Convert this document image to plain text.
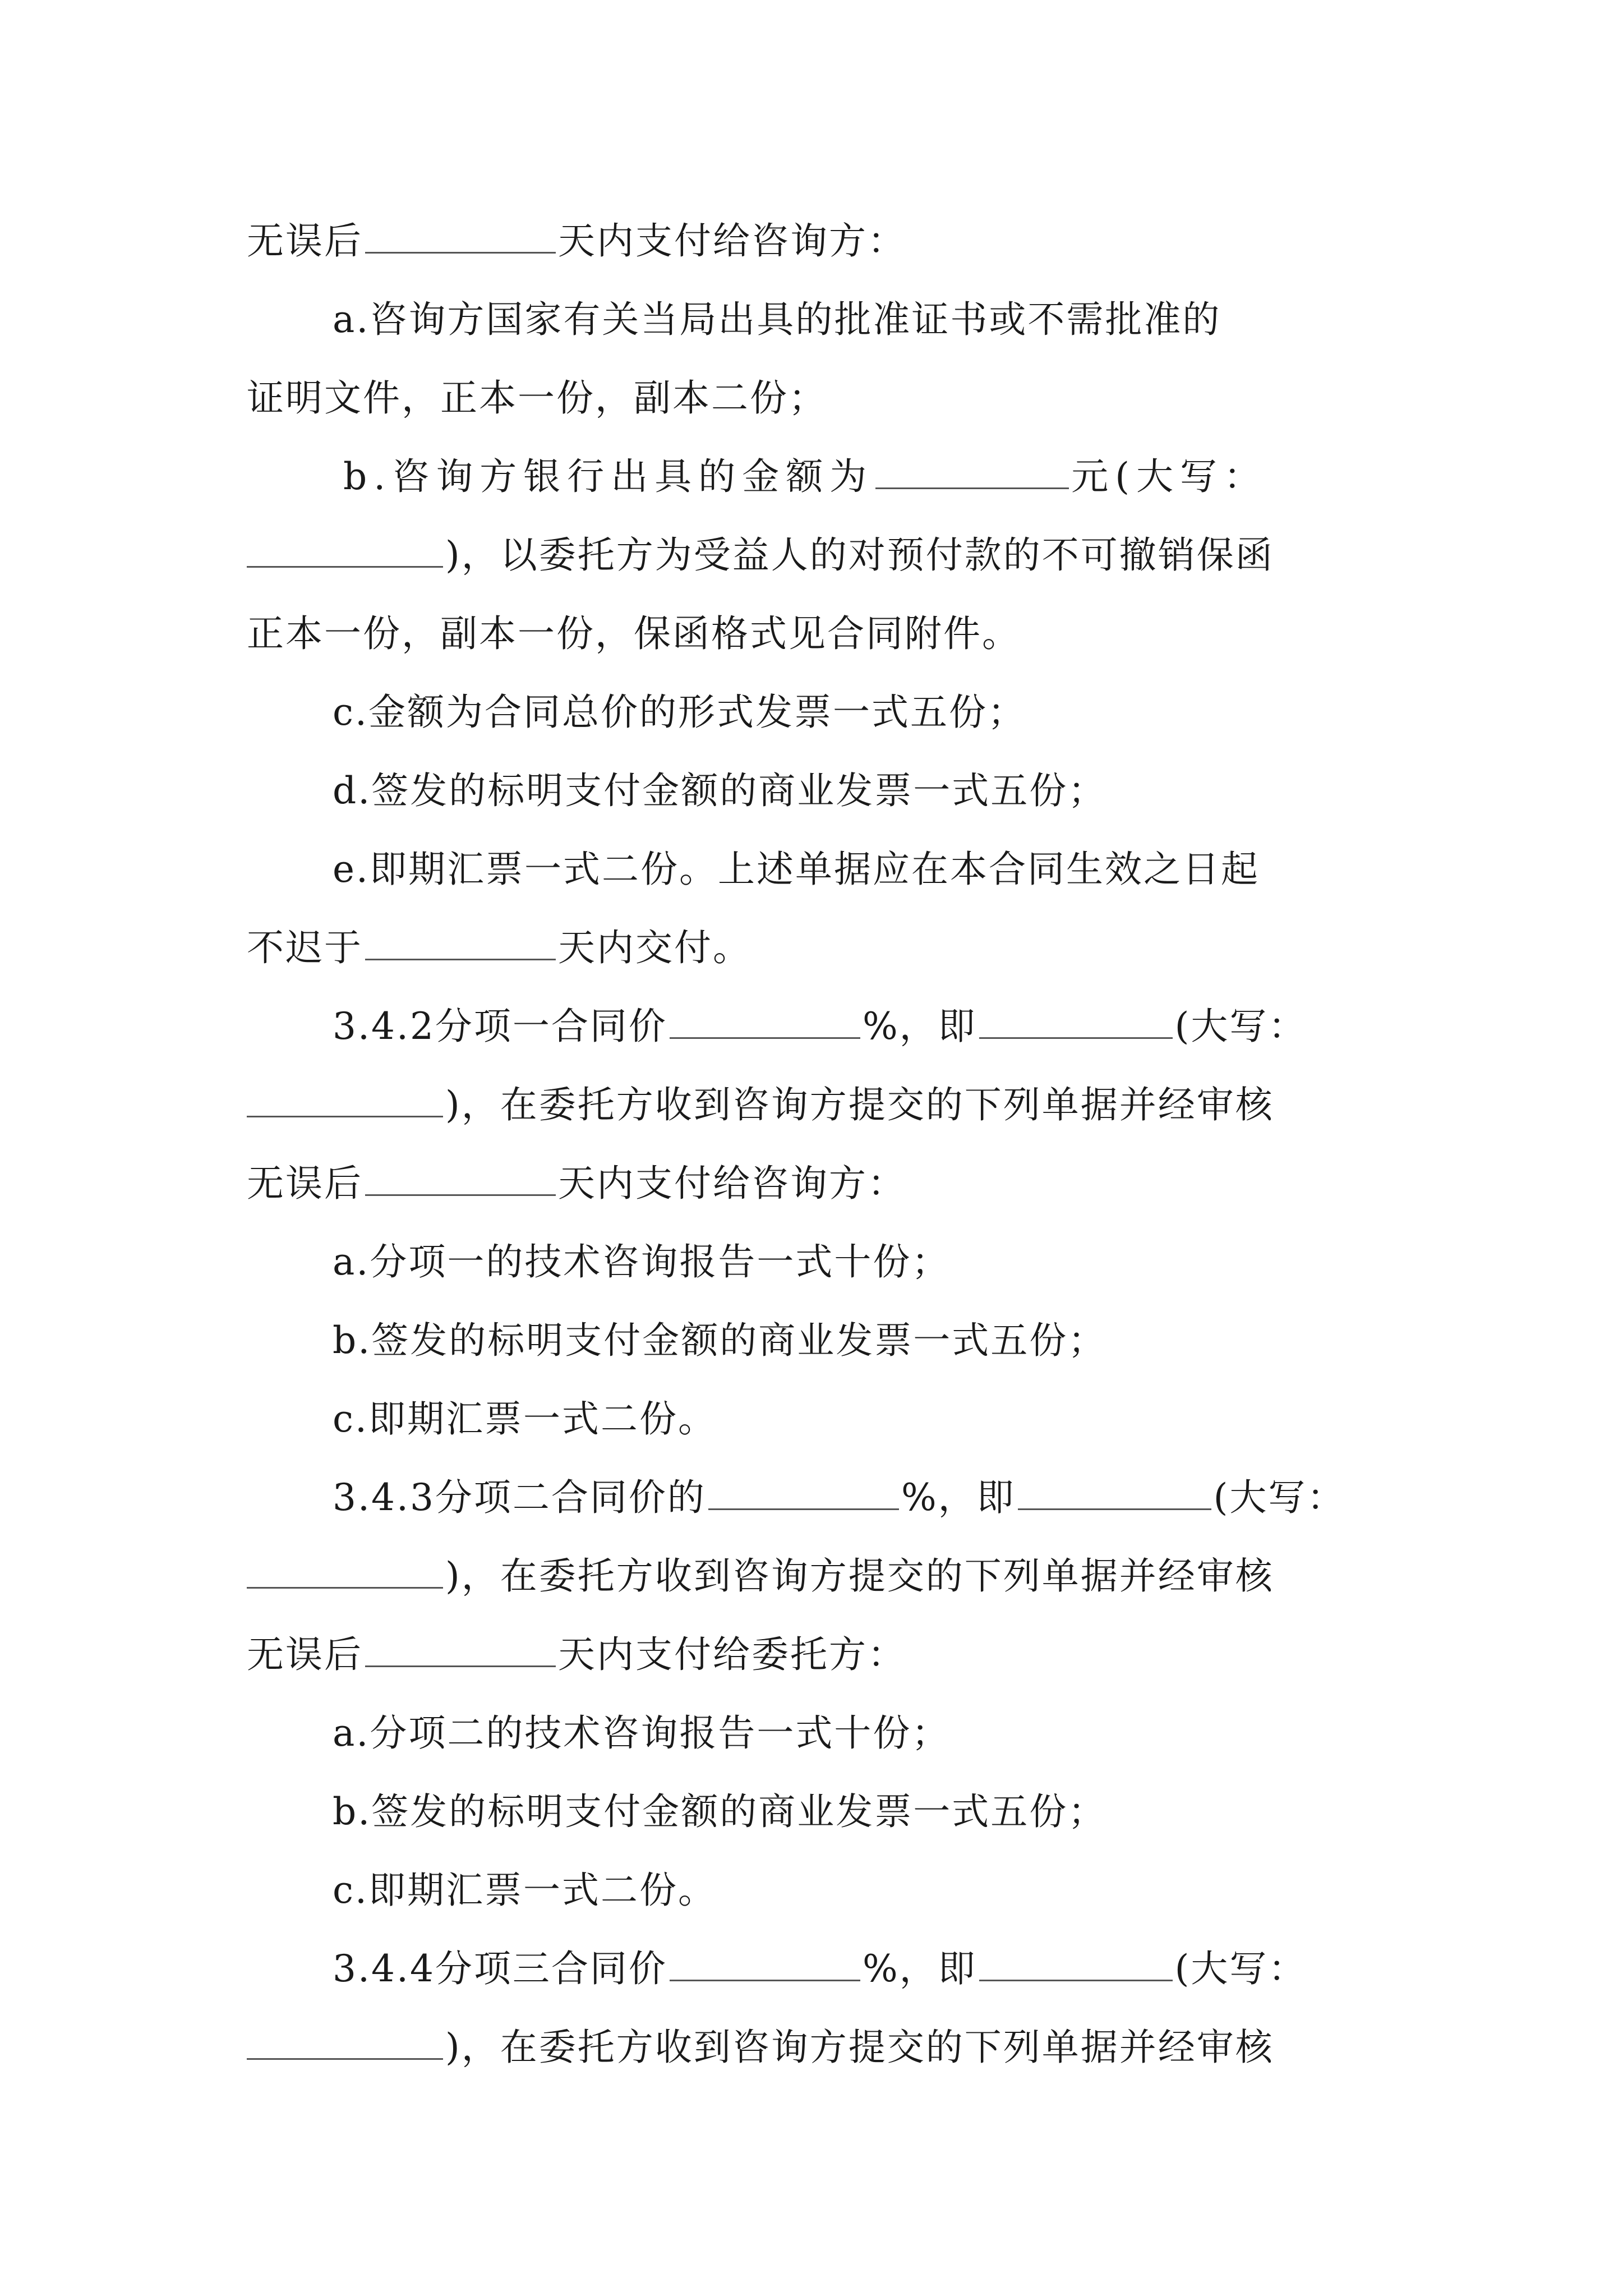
无误后	天内支付给咨询方：
a.咨询方国家有关当局出具的批准证书或不需批准的
证明文件，正本一份，副本二份；
b.咨询方银行出具的金额为	元(大写：
)，以委托方为受益人的对预付款的不可撤销保函
正本一份，副本一份，保函格式见合同附件。
c.金额为合同总价的形式发票一式五份；
d.签发的标明支付金额的商业发票一式五份；
e.即期汇票一式二份。上述单据应在本合同生效之日起
不迟于	天内交付。
3.4.2分项一合同价	%，即	(大写：
)，在委托方收到咨询方提交的下列单据并经审核
无误后	天内支付给咨询方：
a.分项一的技术咨询报告一式十份；
b.签发的标明支付金额的商业发票一式五份；
c.即期汇票一式二份。
3.4.3分项二合同价的	%，即	(大写：
)，在委托方收到咨询方提交的下列单据并经审核
无误后	天内支付给委托方：
a.分项二的技术咨询报告一式十份；
b.签发的标明支付金额的商业发票一式五份；
c.即期汇票一式二份。
3.4.4分项三合同价	%，即	(大写：
)，在委托方收到咨询方提交的下列单据并经审核
